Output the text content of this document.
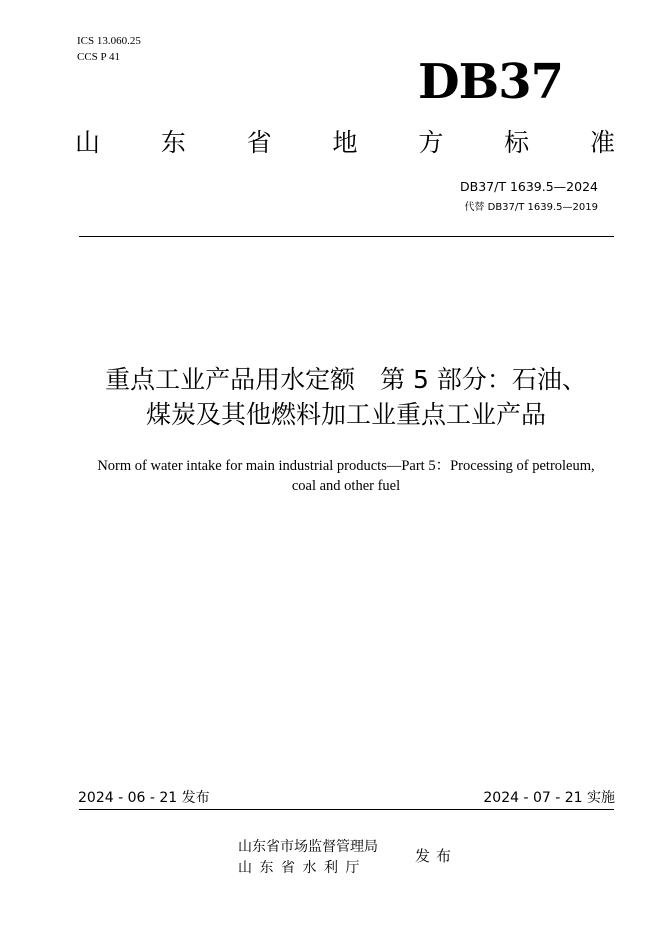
ICS 13.060.25
CCS P 41	DB37
山 东 省 地 方 标 准
DB37/T 1639.5—2024
代替 DB37/T 1639.5—2019
重点工业产品用水定额　第 5 部分：石油、
煤炭及其他燃料加工业重点工业产品
Norm of water intake for main industrial products—Part 5：Processing of petroleum,
coal and other fuel
2024 - 06 - 21 发布	2024 - 07 - 21 实施
山东省市场监督管理局
山东省水利厅
发布
